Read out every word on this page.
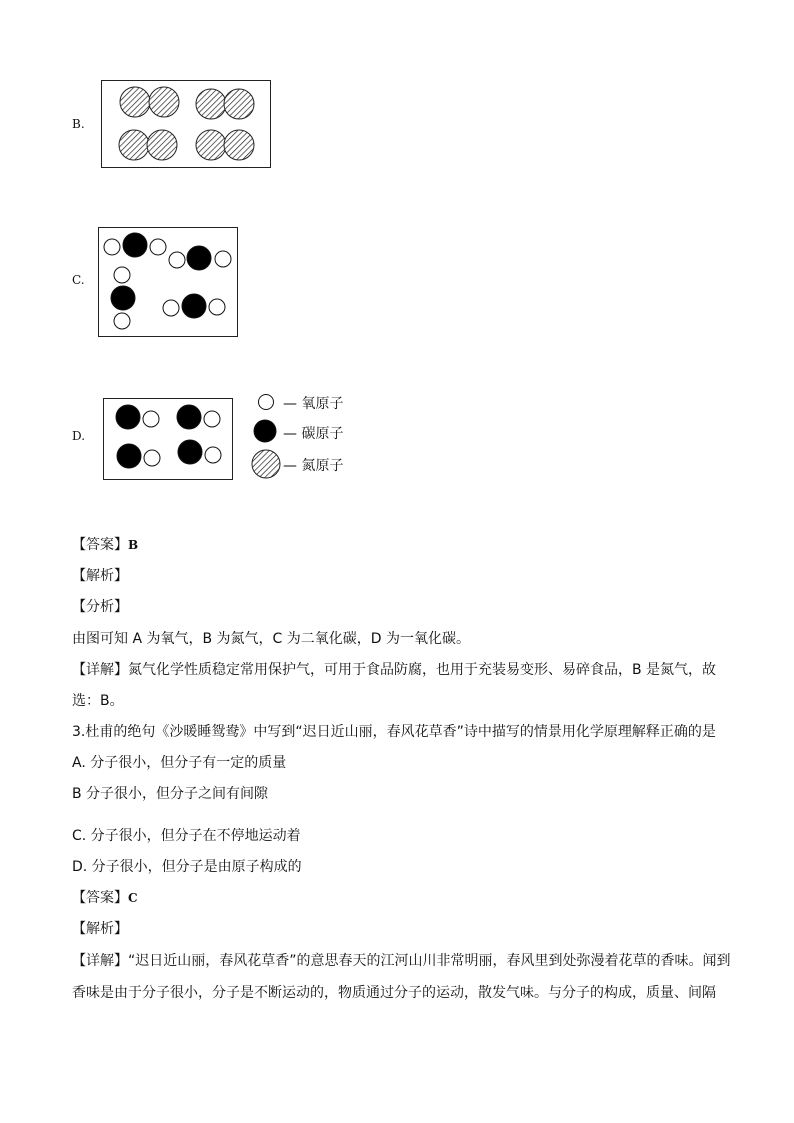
B.
C.
D.
— 氧原子
— 碳原子
— 氮原子
【答案】B
【解析】
【分析】
由图可知 A 为氧气，B 为氮气，C 为二氧化碳，D 为一氧化碳。
【详解】氮气化学性质稳定常用保护气，可用于食品防腐，也用于充装易变形、易碎食品，B 是氮气，故
选：B。
3.杜甫的绝句《沙暖睡鸳鸯》中写到“迟日近山丽，春风花草香”诗中描写的情景用化学原理解释正确的是
A. 分子很小，但分子有一定的质量
B 分子很小，但分子之间有间隙
C. 分子很小，但分子在不停地运动着
D. 分子很小，但分子是由原子构成的
【答案】C
【解析】
【详解】“迟日近山丽，春风花草香”的意思春天的江河山川非常明丽，春风里到处弥漫着花草的香味。闻到
香味是由于分子很小，分子是不断运动的，物质通过分子的运动，散发气味。与分子的构成，质量、间隔
